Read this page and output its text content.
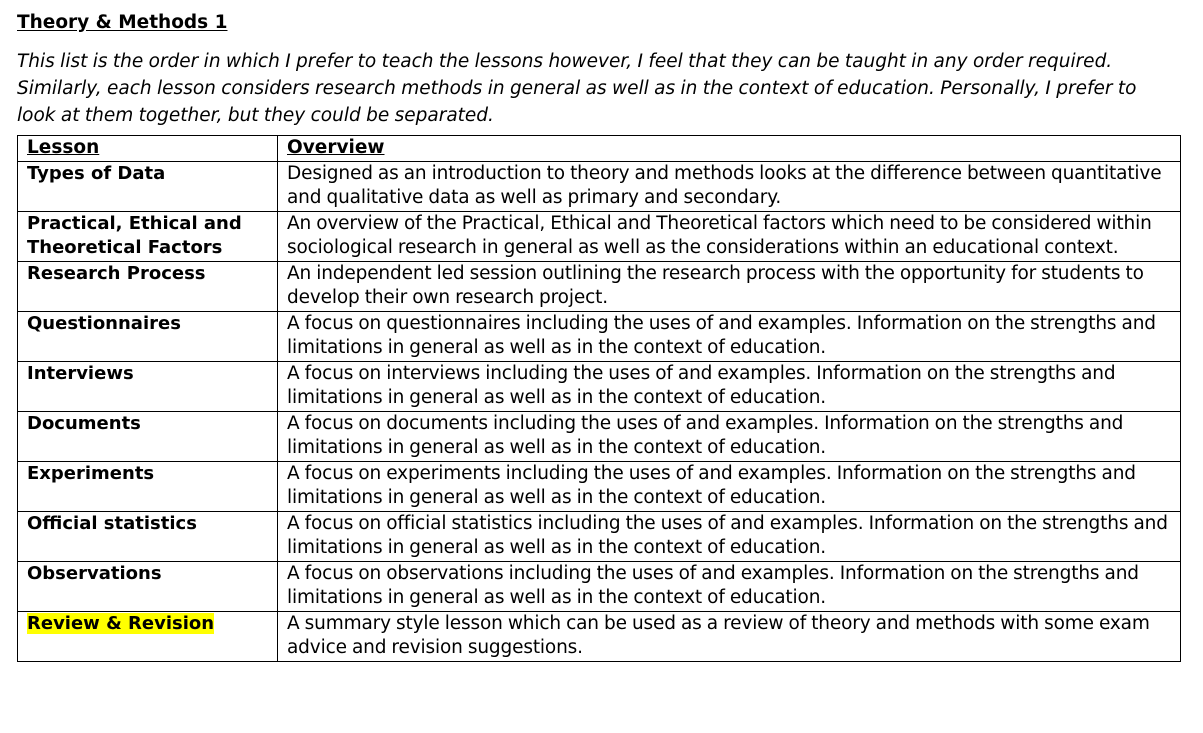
Theory & Methods 1

This list is the order in which I prefer to teach the lessons however, I feel that they can be taught in any order required. Similarly, each lesson considers research methods in general as well as in the context of education. Personally, I prefer to look at them together, but they could be separated.

Lesson	Overview
Types of Data	Designed as an introduction to theory and methods looks at the difference between quantitative and qualitative data as well as primary and secondary.
Practical, Ethical and Theoretical Factors	An overview of the Practical, Ethical and Theoretical factors which need to be considered within sociological research in general as well as the considerations within an educational context.
Research Process	An independent led session outlining the research process with the opportunity for students to develop their own research project.
Questionnaires	A focus on questionnaires including the uses of and examples. Information on the strengths and limitations in general as well as in the context of education.
Interviews	A focus on interviews including the uses of and examples. Information on the strengths and limitations in general as well as in the context of education.
Documents	A focus on documents including the uses of and examples. Information on the strengths and limitations in general as well as in the context of education.
Experiments	A focus on experiments including the uses of and examples. Information on the strengths and limitations in general as well as in the context of education.
Official statistics	A focus on official statistics including the uses of and examples. Information on the strengths and limitations in general as well as in the context of education.
Observations	A focus on observations including the uses of and examples. Information on the strengths and limitations in general as well as in the context of education.
Review & Revision	A summary style lesson which can be used as a review of theory and methods with some exam advice and revision suggestions.
